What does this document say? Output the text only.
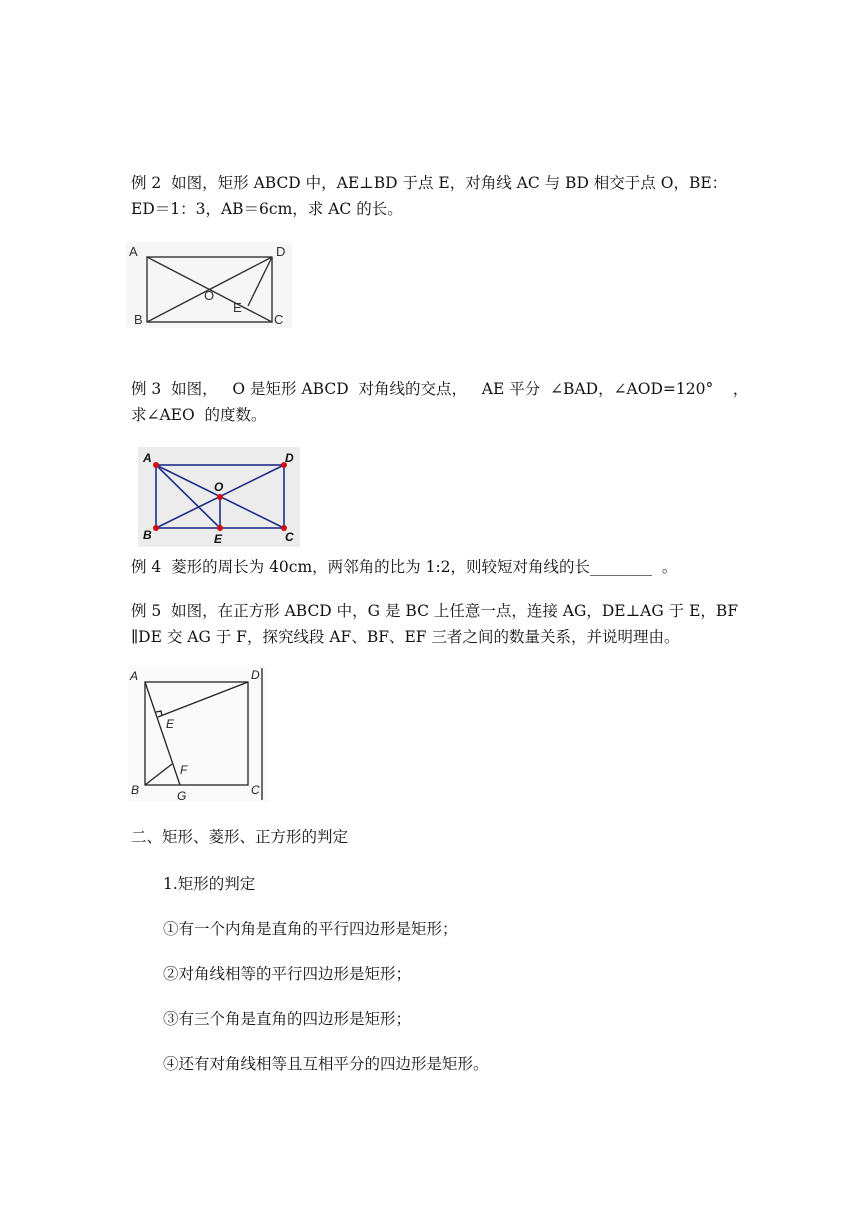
例 2  如图，矩形 ABCD 中，AE⊥BD 于点 E，对角线 AC 与 BD 相交于点 O，BE：

ED＝1：3，AB＝6cm，求 AC 的长。

A	D
B	C
O
E

例 3  如图，   O 是矩形 ABCD  对角线的交点，   AE 平分  ∠BAD，∠AOD=120°    ，

求∠AEO  的度数。

A	D
B	C
O
E

例 4  菱形的周长为 40cm，两邻角的比为 1:2，则较短对角线的长________  。

例 5  如图，在正方形 ABCD 中，G 是 BC 上任意一点，连接 AG，DE⊥AG 于 E，BF

∥DE 交 AG 于 F，探究线段 AF、BF、EF 三者之间的数量关系，并说明理由。

A	D
E
F
B	G	C

二、矩形、菱形、正方形的判定

1.矩形的判定

①有一个内角是直角的平行四边形是矩形；

②对角线相等的平行四边形是矩形；

③有三个角是直角的四边形是矩形；

④还有对角线相等且互相平分的四边形是矩形。
